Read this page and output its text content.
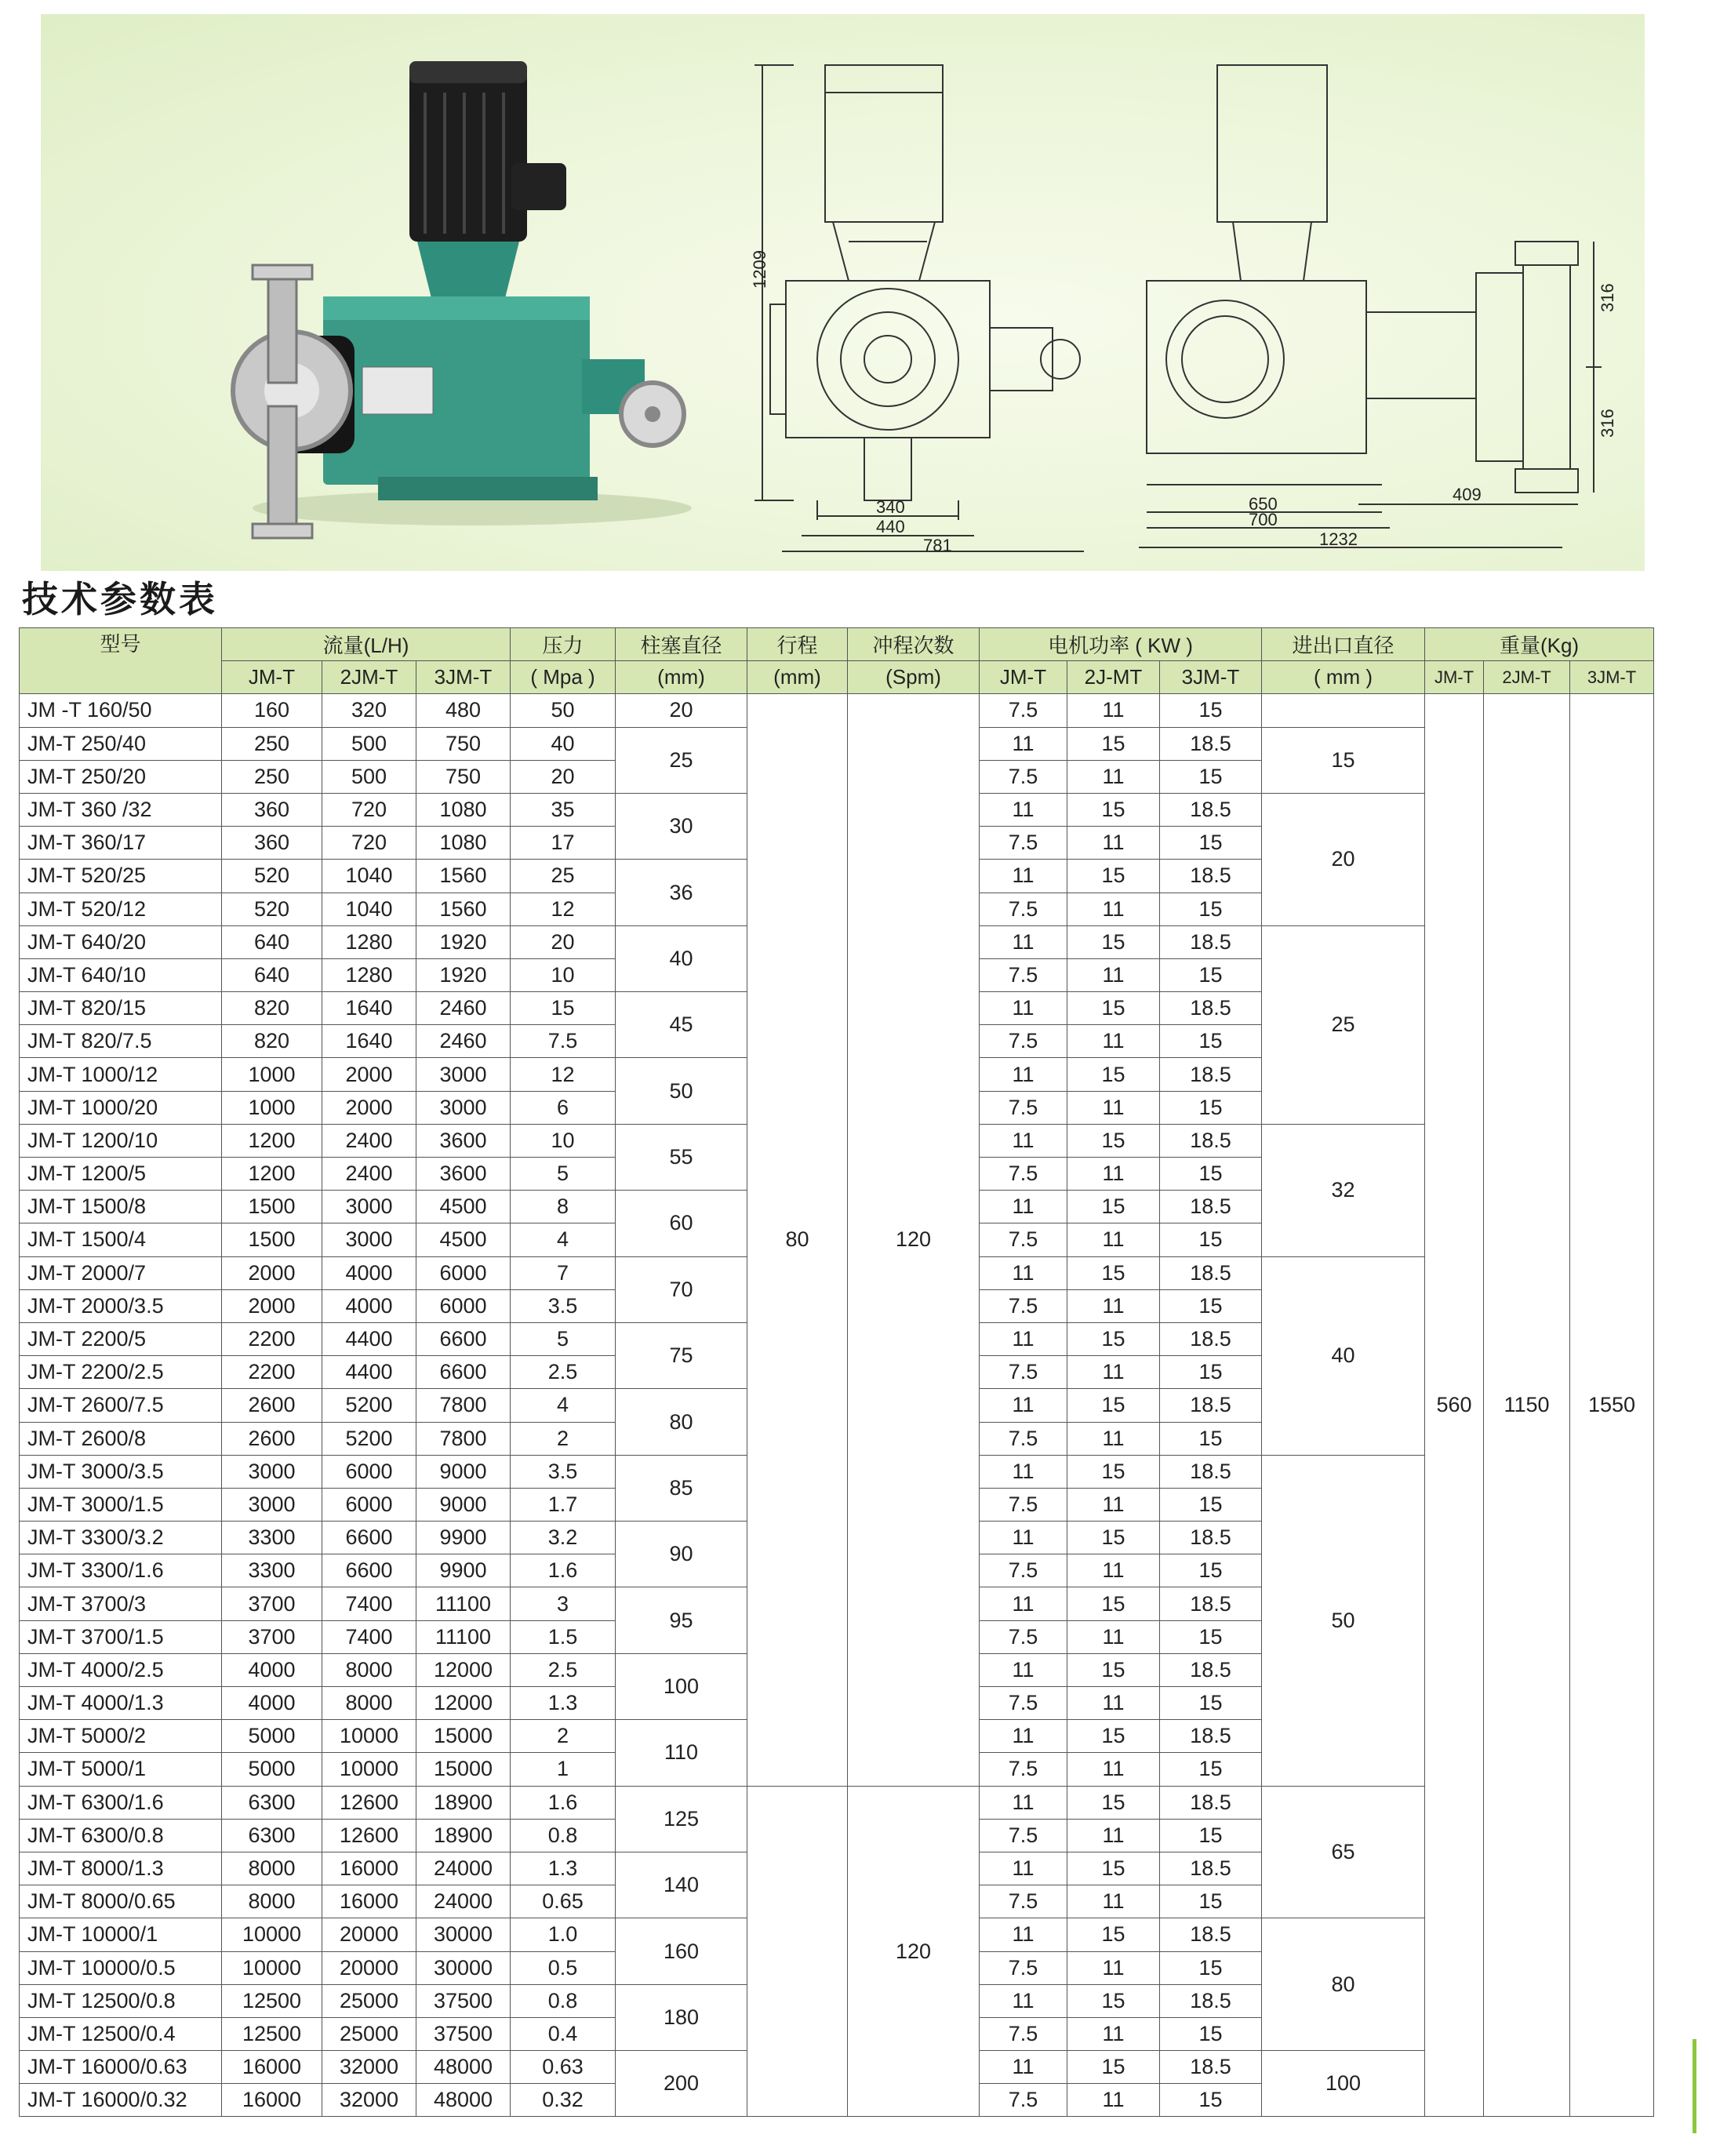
1209
340
440
781
650
700
1232
409
316
316
技术参数表
型号	流量(L/H)			压力	柱塞直径	行程	冲程次数	电机功率 ( KW )			进出口直径	重量(Kg)		
	JM-T	2JM-T	3JM-T	( Mpa )	(mm)	(mm)	(Spm)	JM-T	2J-MT	3JM-T	( mm )	JM-T	2JM-T	3JM-T
JM -T 160/50	160	320	480	50	20	80	120	7.5	11	15		560	1150	1550
JM-T 250/40	250	500	750	40	25			11	15	18.5	15			
JM-T 250/20	250	500	750	20				7.5	11	15				
JM-T 360 /32	360	720	1080	35	30			11	15	18.5	20			
JM-T 360/17	360	720	1080	17				7.5	11	15				
JM-T 520/25	520	1040	1560	25	36			11	15	18.5				
JM-T 520/12	520	1040	1560	12				7.5	11	15				
JM-T 640/20	640	1280	1920	20	40			11	15	18.5	25			
JM-T 640/10	640	1280	1920	10				7.5	11	15				
JM-T 820/15	820	1640	2460	15	45			11	15	18.5				
JM-T 820/7.5	820	1640	2460	7.5				7.5	11	15				
JM-T 1000/12	1000	2000	3000	12	50			11	15	18.5				
JM-T 1000/20	1000	2000	3000	6				7.5	11	15				
JM-T 1200/10	1200	2400	3600	10	55			11	15	18.5	32			
JM-T 1200/5	1200	2400	3600	5				7.5	11	15				
JM-T 1500/8	1500	3000	4500	8	60			11	15	18.5				
JM-T 1500/4	1500	3000	4500	4				7.5	11	15				
JM-T 2000/7	2000	4000	6000	7	70			11	15	18.5	40			
JM-T 2000/3.5	2000	4000	6000	3.5				7.5	11	15				
JM-T 2200/5	2200	4400	6600	5	75			11	15	18.5				
JM-T 2200/2.5	2200	4400	6600	2.5				7.5	11	15				
JM-T 2600/7.5	2600	5200	7800	4	80			11	15	18.5				
JM-T 2600/8	2600	5200	7800	2				7.5	11	15				
JM-T 3000/3.5	3000	6000	9000	3.5	85			11	15	18.5	50			
JM-T 3000/1.5	3000	6000	9000	1.7				7.5	11	15				
JM-T 3300/3.2	3300	6600	9900	3.2	90			11	15	18.5				
JM-T 3300/1.6	3300	6600	9900	1.6				7.5	11	15				
JM-T 3700/3	3700	7400	11100	3	95			11	15	18.5				
JM-T 3700/1.5	3700	7400	11100	1.5				7.5	11	15				
JM-T 4000/2.5	4000	8000	12000	2.5	100			11	15	18.5				
JM-T 4000/1.3	4000	8000	12000	1.3				7.5	11	15				
JM-T 5000/2	5000	10000	15000	2	110			11	15	18.5				
JM-T 5000/1	5000	10000	15000	1				7.5	11	15				
JM-T 6300/1.6	6300	12600	18900	1.6	125		120	11	15	18.5	65			
JM-T 6300/0.8	6300	12600	18900	0.8				7.5	11	15				
JM-T 8000/1.3	8000	16000	24000	1.3	140			11	15	18.5				
JM-T 8000/0.65	8000	16000	24000	0.65				7.5	11	15				
JM-T 10000/1	10000	20000	30000	1.0	160			11	15	18.5	80			
JM-T 10000/0.5	10000	20000	30000	0.5				7.5	11	15				
JM-T 12500/0.8	12500	25000	37500	0.8	180			11	15	18.5				
JM-T 12500/0.4	12500	25000	37500	0.4				7.5	11	15				
JM-T 16000/0.63	16000	32000	48000	0.63	200			11	15	18.5	100			
JM-T 16000/0.32	16000	32000	48000	0.32				7.5	11	15				
